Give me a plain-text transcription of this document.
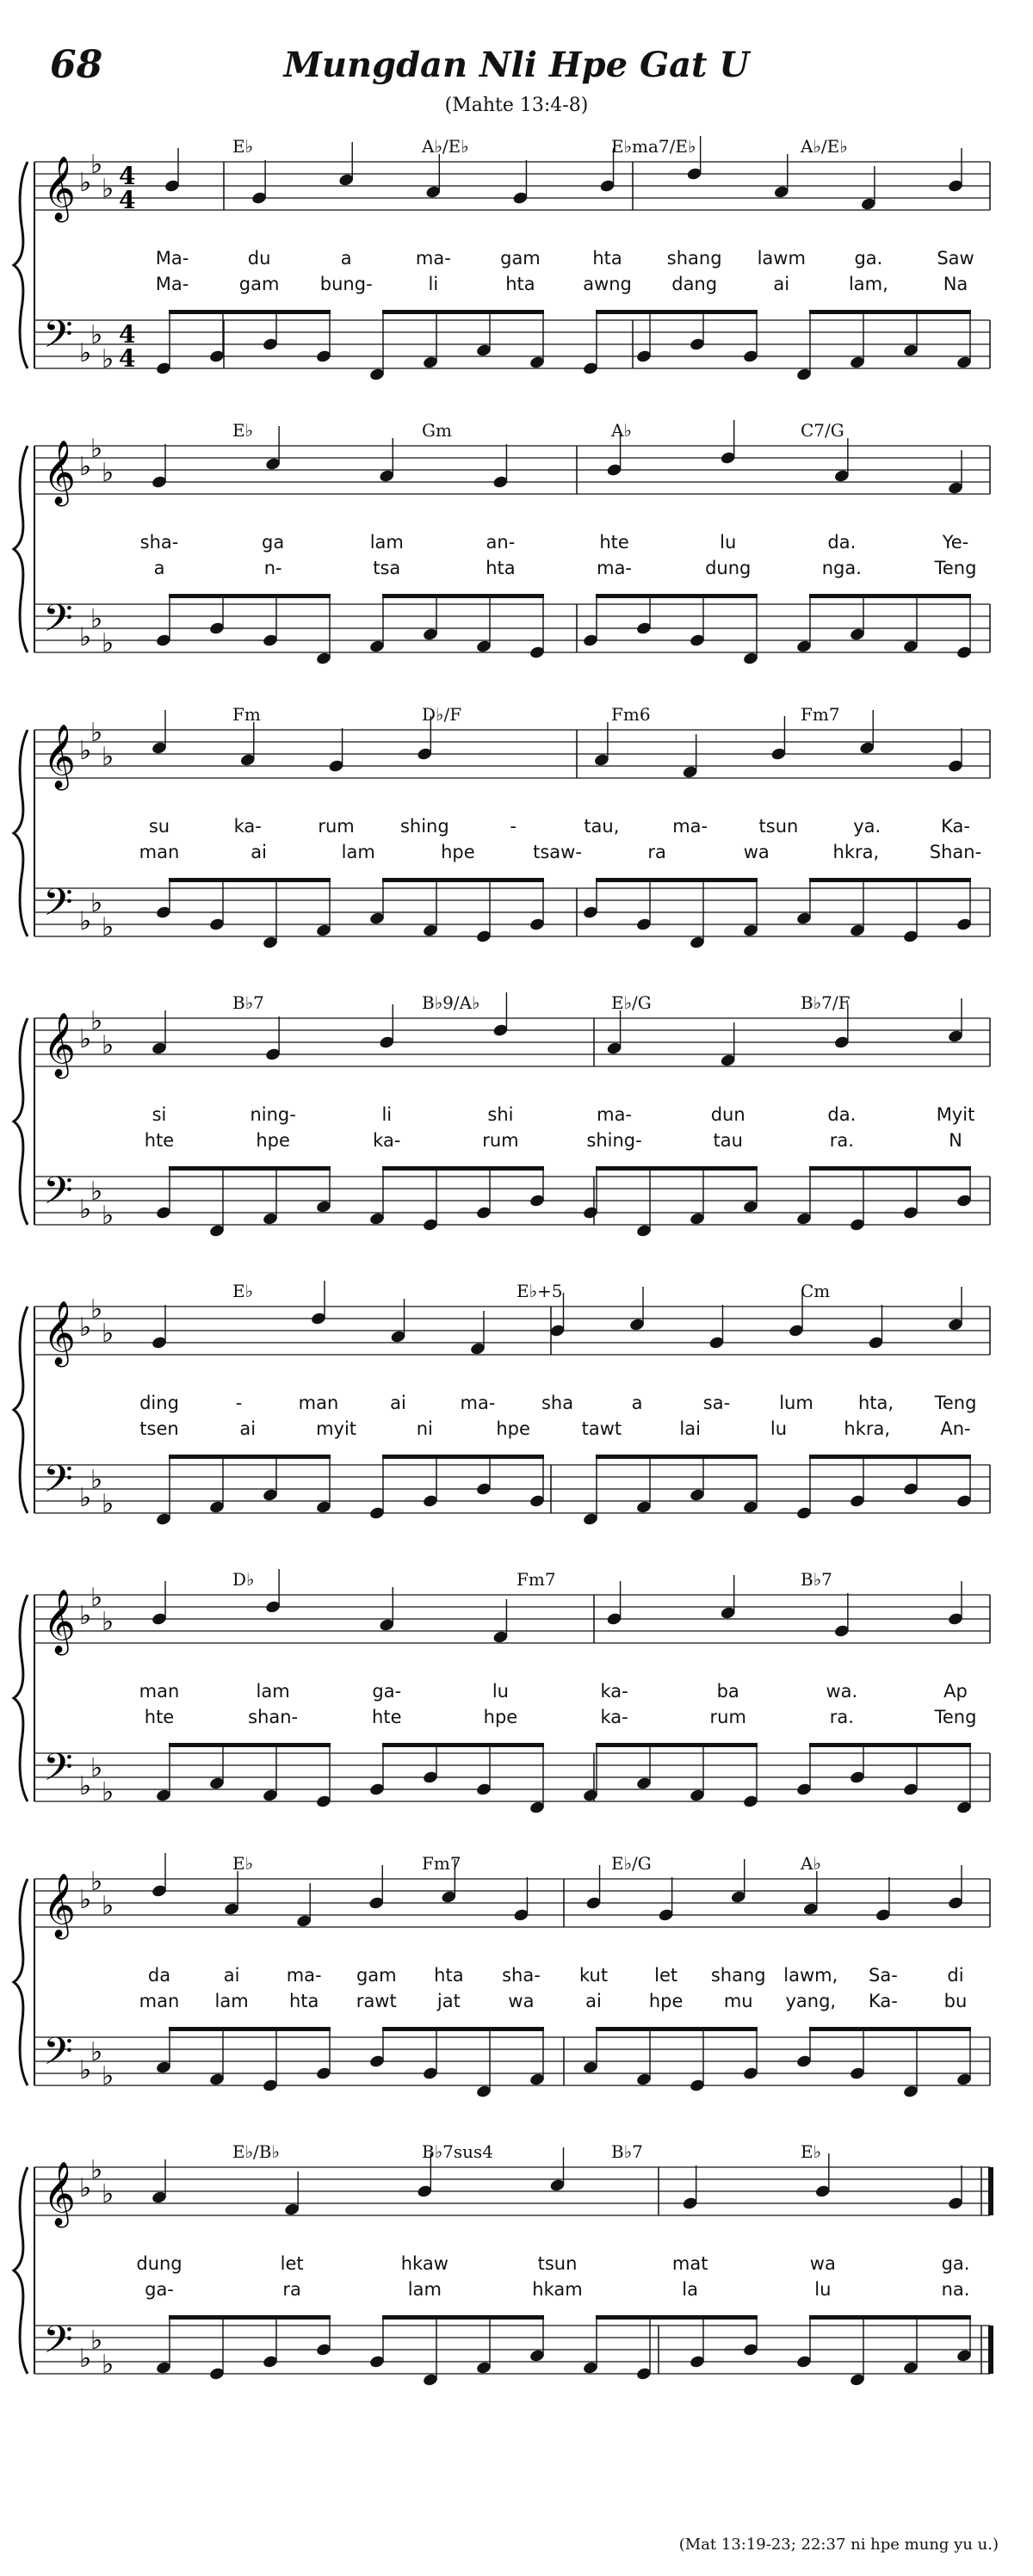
68	Mungdan Nli Hpe Gat U
(Mahte 13:4-8)
𝄞
𝄢
♭
♭
♭
♭
♭
♭
4
4
4
4
E♭	A♭/E♭	E♭ma7/E♭	A♭/E♭
Ma-	du	a	ma-	gam	hta shang lawm	ga.	Saw
Ma-	gam bung-	li	hta	awng dang	ai	lam,	Na
𝄞
𝄢
♭
♭
♭
♭
♭
♭
E♭	Gm	A♭	C7/G
sha-	ga	lam	an-	hte	lu	da.	Ye-
a	n-	tsa	hta	ma-	dung	nga.	Teng
𝄞
𝄢
♭
♭
♭
♭
♭
♭
Fm	D♭/F	Fm6	Fm7
su	ka-	rum	shing	-	tau,	ma-	tsun	ya.	Ka-
man	ai	lam	hpe	tsaw-	ra	wa	hkra,	Shan-
𝄞
𝄢
♭
♭
♭
♭
♭
♭
B♭7	B♭9/A♭	E♭/G	B♭7/F
si	ning-	li	shi	ma-	dun	da.	Myit
hte	hpe	ka-	rum	shing-	tau	ra.	N
𝄞
𝄢
♭
♭
♭
♭
♭
♭
E♭	E♭+5	Cm
ding	-	man	ai	ma-	sha	a	sa-	lum hta, Teng
tsen	ai	myit	ni	hpe	tawt	lai	lu	hkra,	An-
𝄞
𝄢
♭
♭
♭
♭
♭
♭
D♭	Fm7	B♭7
man	lam	ga-	lu	ka-	ba	wa.	Ap
hte	shan-	hte	hpe	ka-	rum	ra.	Teng
𝄞
𝄢
♭
♭
♭
♭
♭
♭
E♭	Fm7	E♭/G	A♭
da	ai	ma- gam hta sha- kut	let shang lawm, Sa-	di
man lam hta rawt jat	wa	ai	hpe mu yang, Ka-	bu
𝄞
𝄢
♭
♭
♭
♭
♭
♭
E♭/B♭	B♭7sus4	B♭7	E♭
dung	let	hkaw	tsun	mat	wa	ga.
ga-	ra	lam	hkam	la	lu	na.
(Mat 13:19-23; 22:37 ni hpe mung yu u.)
